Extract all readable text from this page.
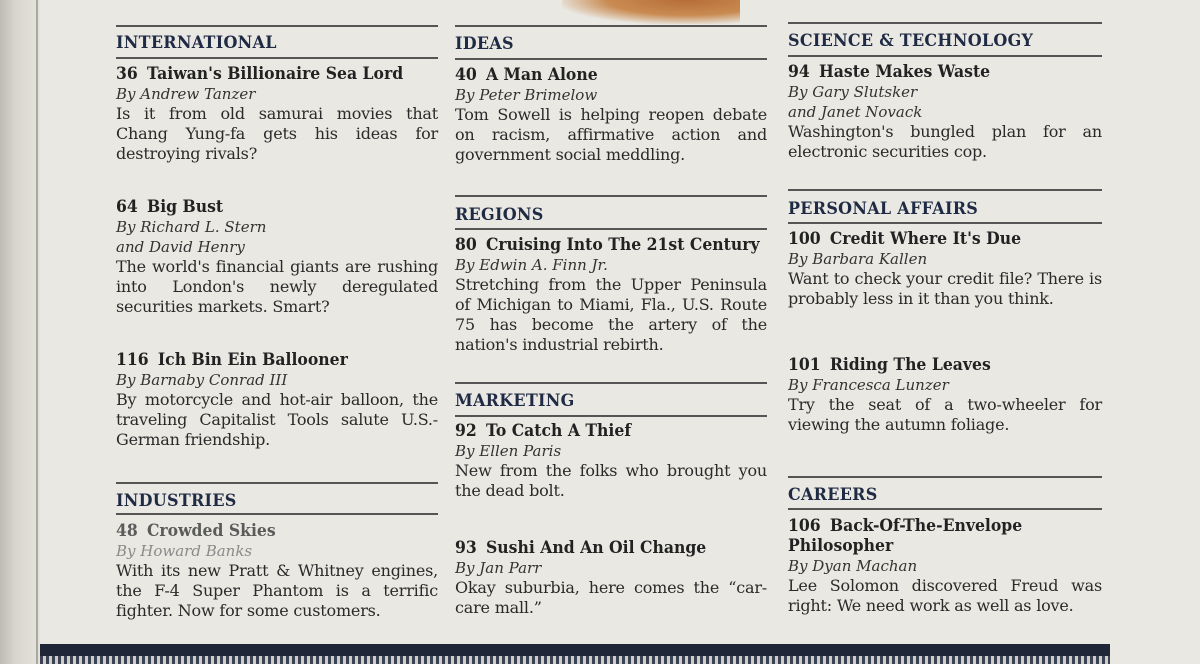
INTERNATIONAL
36 Taiwan's Billionaire Sea Lord
By Andrew Tanzer
Is it from old samurai movies that Chang Yung-fa gets his ideas for destroying rivals?
64 Big Bust
By Richard L. Stern
and David Henry
The world's financial giants are rushing into London's newly deregulated securities markets. Smart?
116 Ich Bin Ein Ballooner
By Barnaby Conrad III
By motorcycle and hot-air balloon, the traveling Capitalist Tools salute U.S.-German friendship.
INDUSTRIES
48 Crowded Skies
By Howard Banks
With its new Pratt & Whitney engines, the F-4 Super Phantom is a terrific fighter. Now for some customers.
IDEAS
40 A Man Alone
By Peter Brimelow
Tom Sowell is helping reopen debate on racism, affirmative action and government social meddling.
REGIONS
80 Cruising Into The 21st Century
By Edwin A. Finn Jr.
Stretching from the Upper Peninsula of Michigan to Miami, Fla., U.S. Route 75 has become the artery of the nation's industrial rebirth.
MARKETING
92 To Catch A Thief
By Ellen Paris
New from the folks who brought you the dead bolt.
93 Sushi And An Oil Change
By Jan Parr
Okay suburbia, here comes the “car-care mall.”
SCIENCE & TECHNOLOGY
94 Haste Makes Waste
By Gary Slutsker
and Janet Novack
Washington's bungled plan for an electronic securities cop.
PERSONAL AFFAIRS
100 Credit Where It's Due
By Barbara Kallen
Want to check your credit file? There is probably less in it than you think.
101 Riding The Leaves
By Francesca Lunzer
Try the seat of a two-wheeler for viewing the autumn foliage.
CAREERS
106 Back-Of-The-Envelope
Philosopher
By Dyan Machan
Lee Solomon discovered Freud was right: We need work as well as love.
